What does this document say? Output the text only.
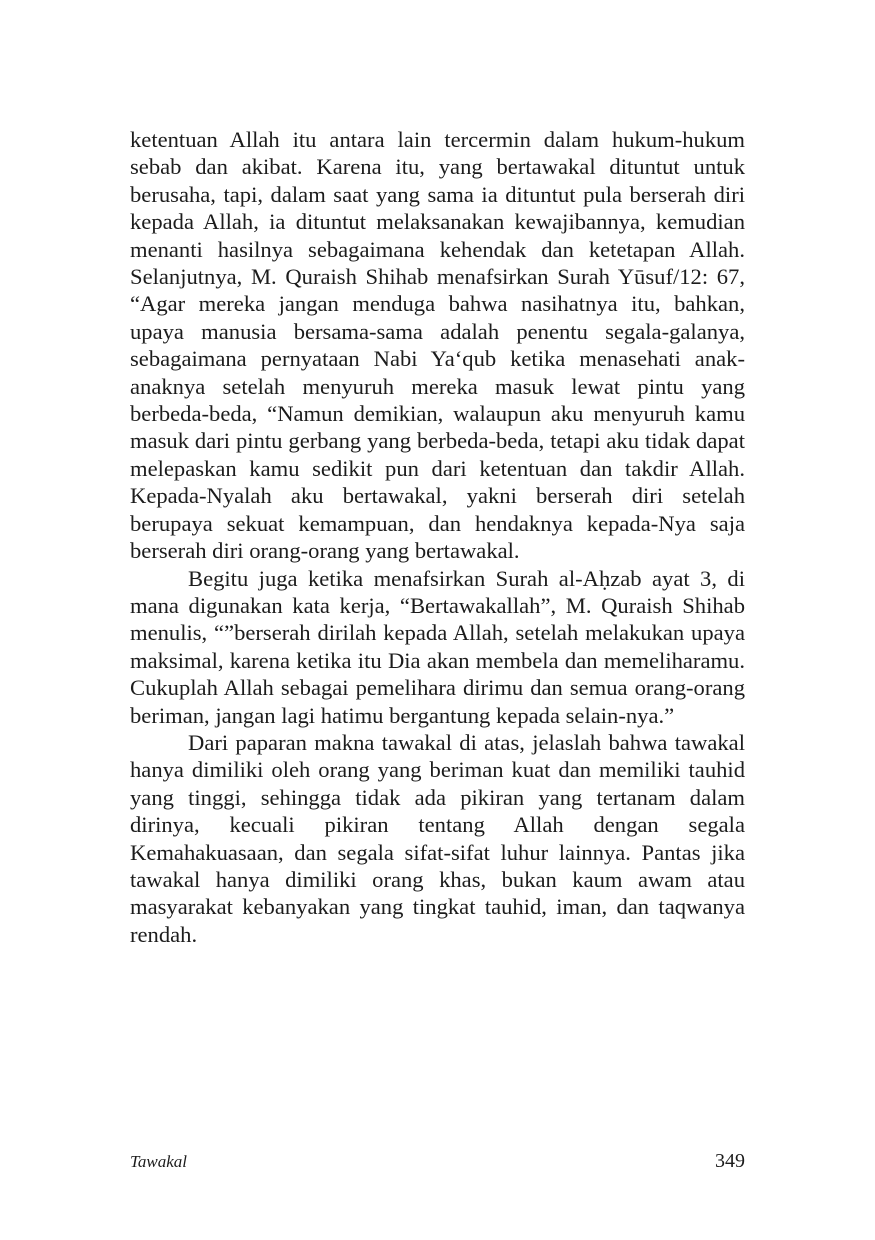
ketentuan Allah itu antara lain tercermin dalam hukum-hukum sebab dan akibat. Karena itu, yang bertawakal dituntut untuk berusaha, tapi, dalam saat yang sama ia dituntut pula berserah diri kepada Allah, ia dituntut melaksanakan kewajibannya, kemudian menanti hasilnya sebagaimana kehendak dan ketetapan Allah. Selanjutnya, M. Quraish Shihab menafsirkan Surah Yūsuf/12: 67, “Agar mereka jangan menduga bahwa nasihatnya itu, bahkan, upaya manusia bersama-sama adalah penentu segala-galanya, sebagaimana pernyataan Nabi Ya‘qub ketika menasehati anak-anaknya setelah menyuruh mereka masuk lewat pintu yang berbeda-beda, “Namun demikian, walaupun aku menyuruh kamu masuk dari pintu gerbang yang berbeda-beda, tetapi aku tidak dapat melepaskan kamu sedikit pun dari ketentuan dan takdir Allah. Kepada-Nyalah aku bertawakal, yakni berserah diri setelah berupaya sekuat kemampuan, dan hendaknya kepada-Nya saja berserah diri orang-orang yang bertawakal.

Begitu juga ketika menafsirkan Surah al-Aḥzab ayat 3, di mana digunakan kata kerja, “Bertawakallah”, M. Quraish Shihab menulis, “”berserah dirilah kepada Allah, setelah melakukan upaya maksimal, karena ketika itu Dia akan membela dan memeliharamu. Cukuplah Allah sebagai pemelihara dirimu dan semua orang-orang beriman, jangan lagi hatimu bergantung kepada selain-nya.”

Dari paparan makna tawakal di atas, jelaslah bahwa tawakal hanya dimiliki oleh orang yang beriman kuat dan memiliki tauhid yang tinggi, sehingga tidak ada pikiran yang tertanam dalam dirinya, kecuali pikiran tentang Allah dengan segala Kemahakuasaan, dan segala sifat-sifat luhur lainnya. Pantas jika tawakal hanya dimiliki orang khas, bukan kaum awam atau masyarakat kebanyakan yang tingkat tauhid, iman, dan taqwanya rendah.

Tawakal	349
